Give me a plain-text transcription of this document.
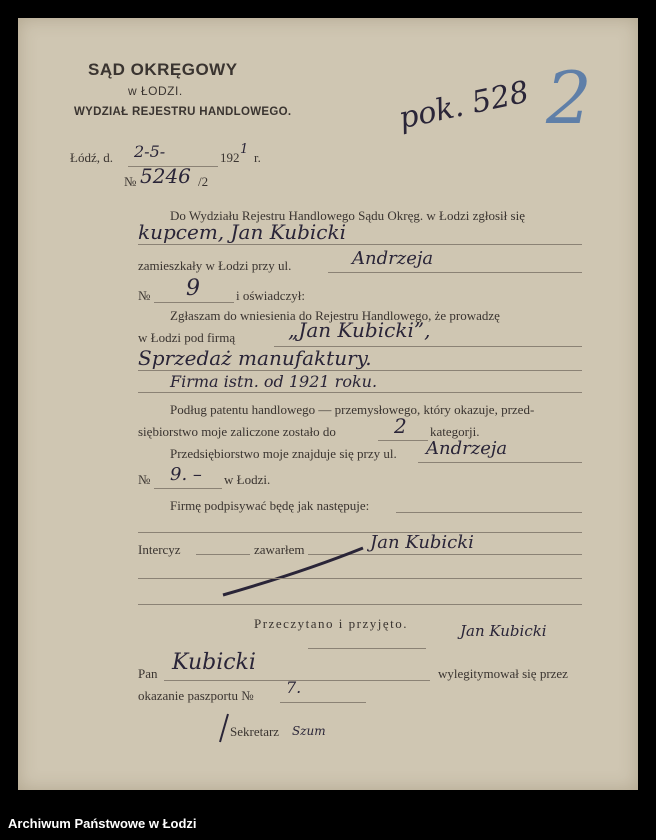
SĄD OKRĘGOWY
w ŁODZI.
WYDZIAŁ REJESTRU HANDLOWEGO.	pok. 528 2
Łódź, d. 2-5-	192
1
r.
№ 5246 /2
Do Wydziału Rejestru Handlowego Sądu Okręg. w Łodzi zgłosił się
kupcem, Jan Kubicki
zamieszkały w Łodzi przy ul.	Andrzeja
№ 9	i oświadczył:
Zgłaszam do wniesienia do Rejestru Handlowego, że prowadzę
w Łodzi pod firmą	„Jan Kubicki”,
Sprzedaż manufaktury.
Firma istn. od 1921 roku.
Podług patentu handlowego — przemysłowego, który okazuje, przed-
siębiorstwo moje zaliczone zostało do	2 kategorji.
Przedsiębiorstwo moje znajduje się przy ul. Andrzeja
№ 9. – w Łodzi.
Firmę podpisywać będę jak następuje:
Intercyz	zawarłem	Jan Kubicki
Przeczytano i przyjęto.	Jan Kubicki
Pan Kubicki	wylegitymował się przez
okazanie paszportu № 7.
Sekretarz Szum
Archiwum Państwowe w Łodzi
